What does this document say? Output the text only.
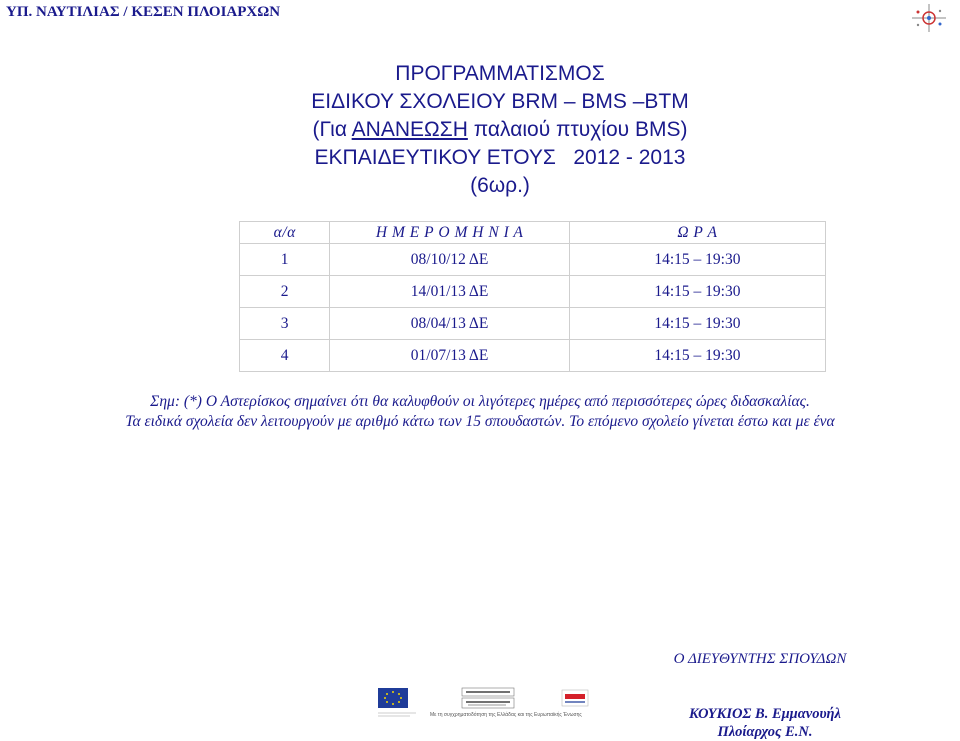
ΥΠ. ΝΑΥΤΙΛΙΑΣ / ΚΕΣΕΝ ΠΛΟΙΑΡΧΩΝ
ΠΡΟΓΡΑΜΜΑΤΙΣΜΟΣ
ΕΙΔΙΚΟΥ ΣΧΟΛΕΙΟΥ BRM – BMS –BTM
(Για ΑΝΑΝΕΩΣΗ παλαιού πτυχίου BMS)
ΕΚΠΑΙΔΕΥΤΙΚΟΥ ΕΤΟΥΣ   2012 - 2013
(6ωρ.)
α/α	Η Μ Ε Ρ Ο Μ Η Ν Ι Α	Ω Ρ Α
1	08/10/12 ΔΕ	14:15 – 19:30
2	14/01/13 ΔΕ	14:15 – 19:30
3	08/04/13 ΔΕ	14:15 – 19:30
4	01/07/13 ΔΕ	14:15 – 19:30
Σημ: (*) Ο Αστερίσκος σημαίνει ότι θα καλυφθούν οι λιγότερες ημέρες από περισσότερες ώρες διδασκαλίας.
Τα ειδικά σχολεία δεν λειτουργούν με αριθμό κάτω των 15 σπουδαστών. Το επόμενο σχολείο γίνεται έστω και με ένα
Ο ΔΙΕΥΘΥΝΤΗΣ ΣΠΟΥΔΩΝ
Με τη συγχρηματοδότηση της Ελλάδας και της Ευρωπαϊκής Ένωσης	ΚΟΥΚΙΟΣ Β. Εμμανουήλ
Πλοίαρχος Ε.Ν.
